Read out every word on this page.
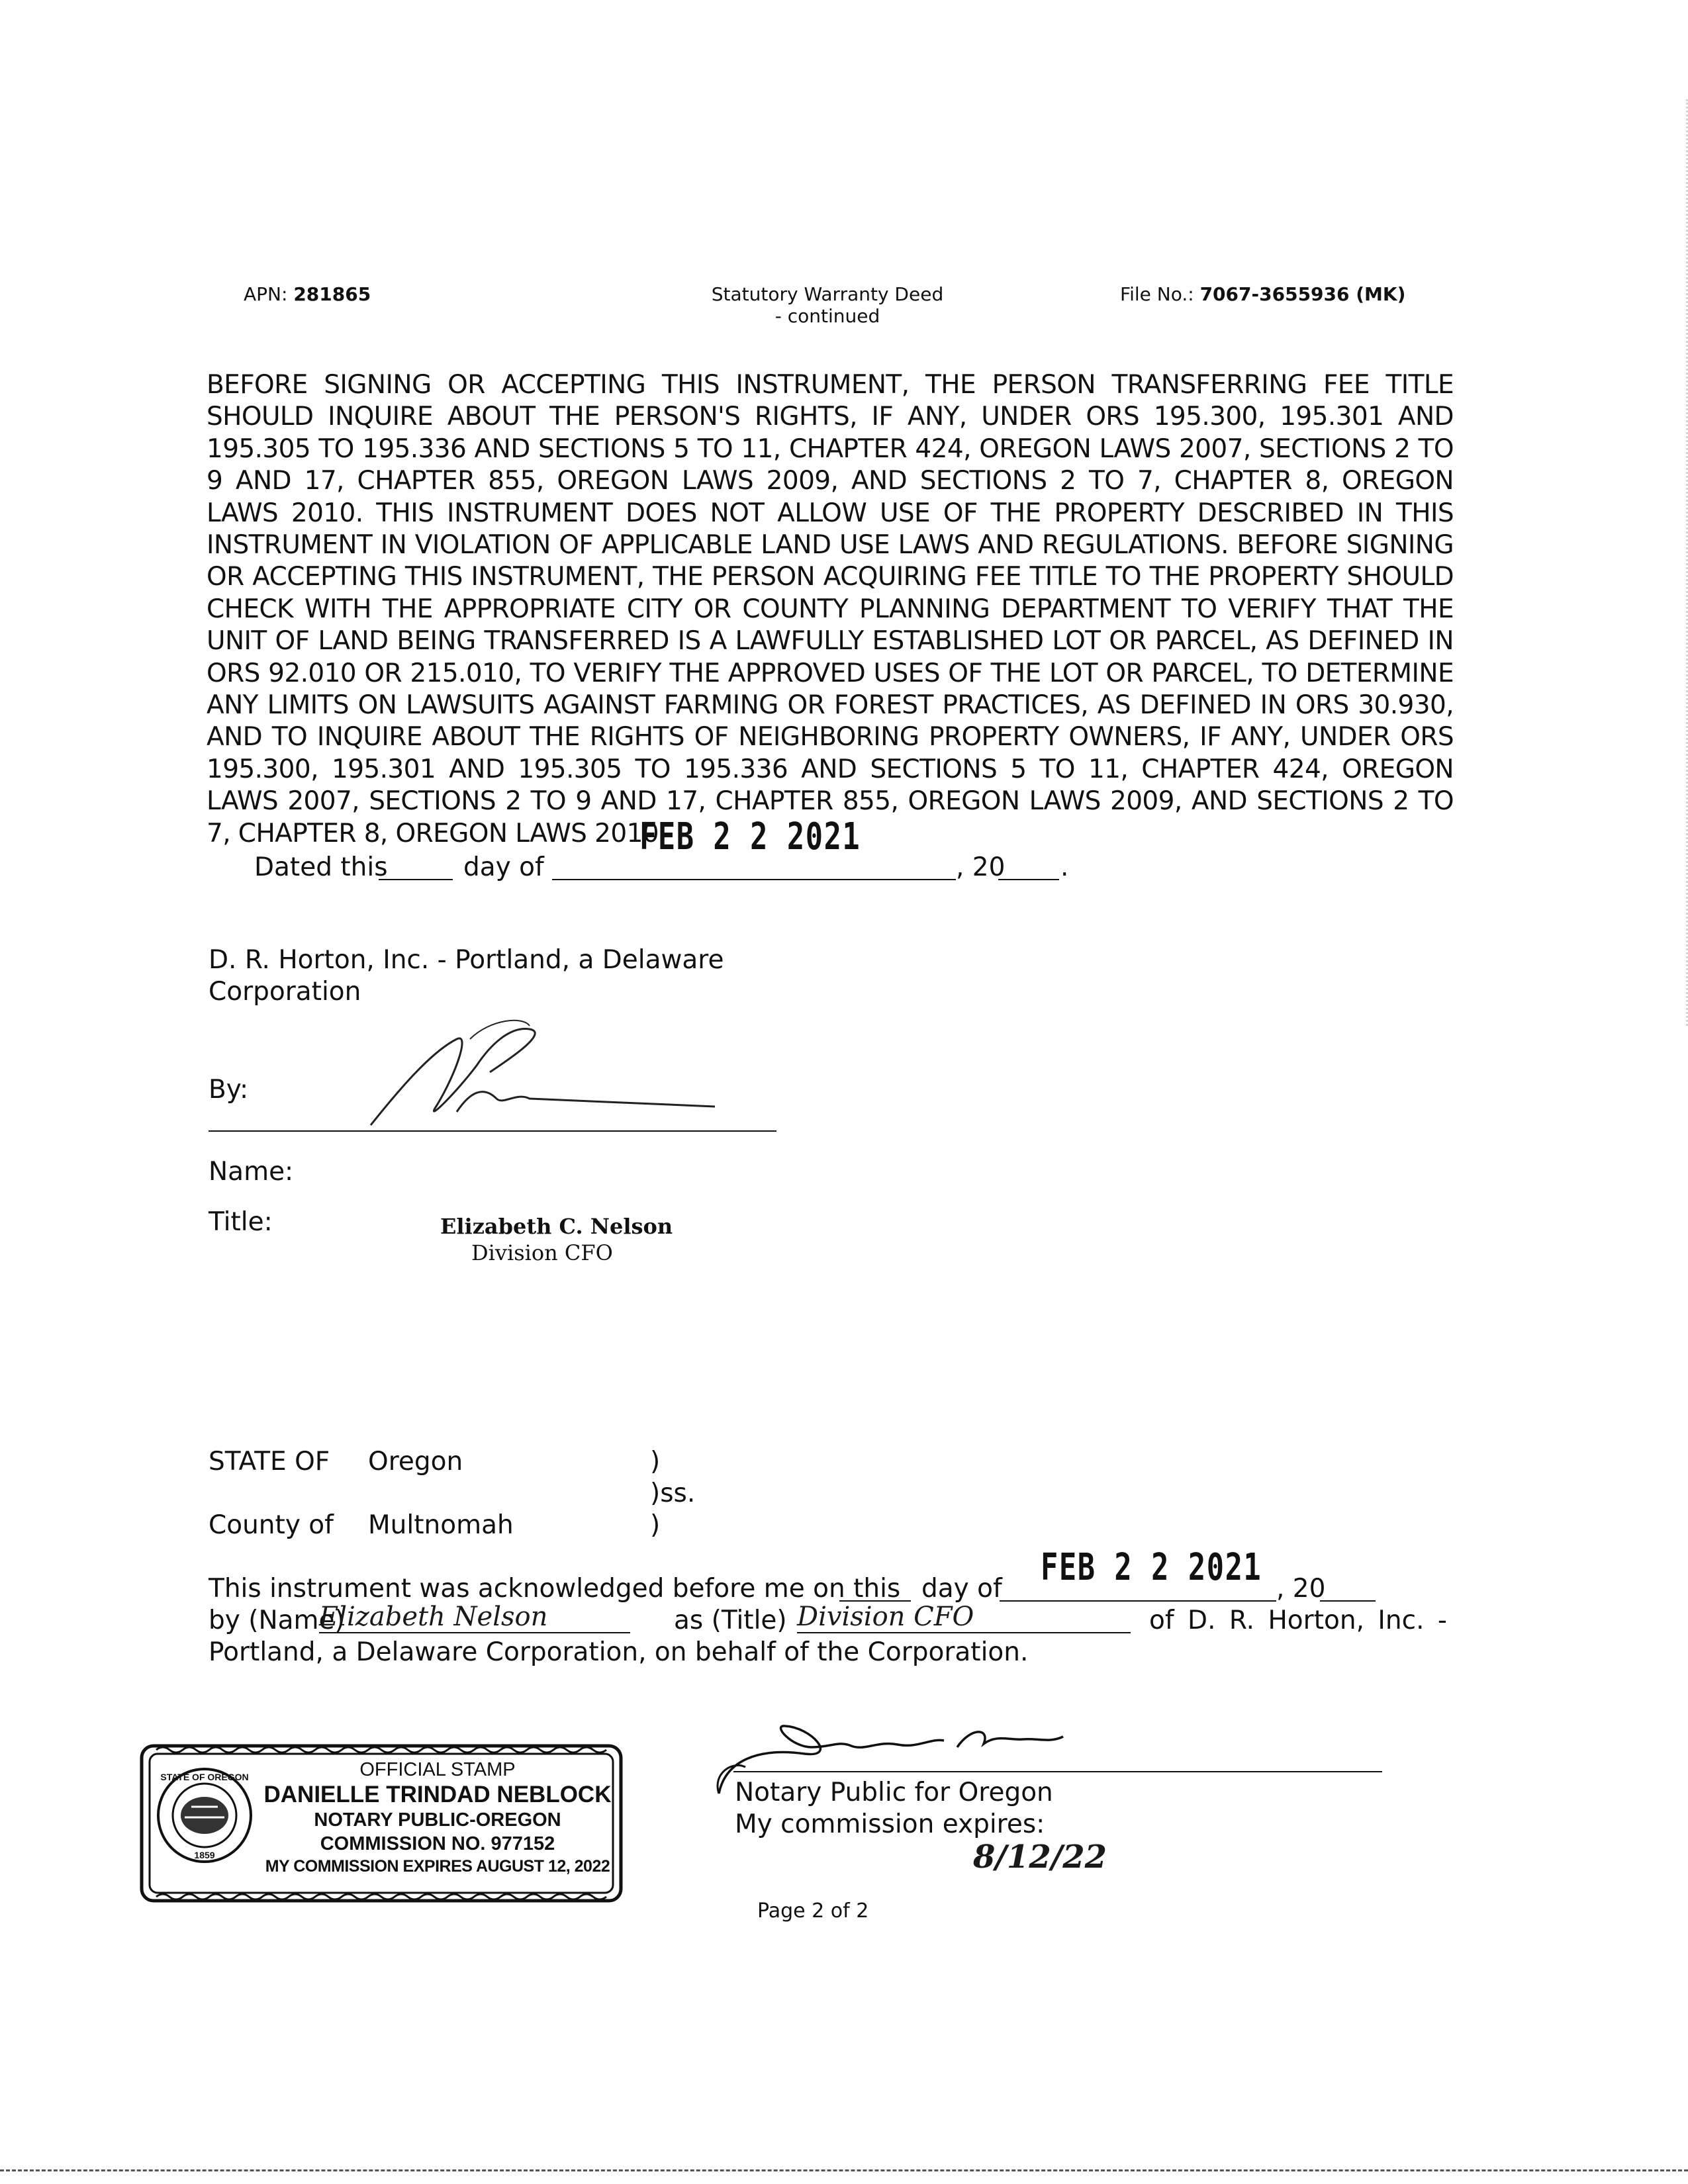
APN: 281865	Statutory Warranty Deed
- continued
File No.: 7067-3655936 (MK)
BEFORE SIGNING OR ACCEPTING THIS INSTRUMENT, THE PERSON TRANSFERRING FEE TITLE SHOULD INQUIRE ABOUT THE PERSON'S RIGHTS, IF ANY, UNDER ORS 195.300, 195.301 AND 195.305 TO 195.336 AND SECTIONS 5 TO 11, CHAPTER 424, OREGON LAWS 2007, SECTIONS 2 TO 9 AND 17, CHAPTER 855, OREGON LAWS 2009, AND SECTIONS 2 TO 7, CHAPTER 8, OREGON LAWS 2010. THIS INSTRUMENT DOES NOT ALLOW USE OF THE PROPERTY DESCRIBED IN THIS INSTRUMENT IN VIOLATION OF APPLICABLE LAND USE LAWS AND REGULATIONS. BEFORE SIGNING OR ACCEPTING THIS INSTRUMENT, THE PERSON ACQUIRING FEE TITLE TO THE PROPERTY SHOULD CHECK WITH THE APPROPRIATE CITY OR COUNTY PLANNING DEPARTMENT TO VERIFY THAT THE UNIT OF LAND BEING TRANSFERRED IS A LAWFULLY ESTABLISHED LOT OR PARCEL, AS DEFINED IN ORS 92.010 OR 215.010, TO VERIFY THE APPROVED USES OF THE LOT OR PARCEL, TO DETERMINE ANY LIMITS ON LAWSUITS AGAINST FARMING OR FOREST PRACTICES, AS DEFINED IN ORS 30.930, AND TO INQUIRE ABOUT THE RIGHTS OF NEIGHBORING PROPERTY OWNERS, IF ANY, UNDER ORS 195.300, 195.301 AND 195.305 TO 195.336 AND SECTIONS 5 TO 11, CHAPTER 424, OREGON LAWS 2007, SECTIONS 2 TO 9 AND 17, CHAPTER 855, OREGON LAWS 2009, AND SECTIONS 2 TO 7, CHAPTER 8, OREGON LAWS 2010.
FEB 2 2 2021
Dated this	day of	, 20 .
D. R. Horton, Inc. - Portland, a Delaware
Corporation
By:
Name:
Title:	Elizabeth C. Nelson
Division CFO
STATE OF Oregon	)
)ss.
County of Multnomah	)
FEB 2 2 2021
This instrument was acknowledged before me on this day of	, 20
by (Name)
Elizabeth Nelson	as (Title) Division CFO	of D. R. Horton, Inc. -
Portland, a Delaware Corporation, on behalf of the Corporation.
STATE OF OREGON
1859
OFFICIAL STAMP
DANIELLE TRINDAD NEBLOCK
NOTARY PUBLIC-OREGON
COMMISSION NO. 977152
MY COMMISSION EXPIRES AUGUST 12, 2022
Notary Public for Oregon
My commission expires:
8/12/22
Page 2 of 2
